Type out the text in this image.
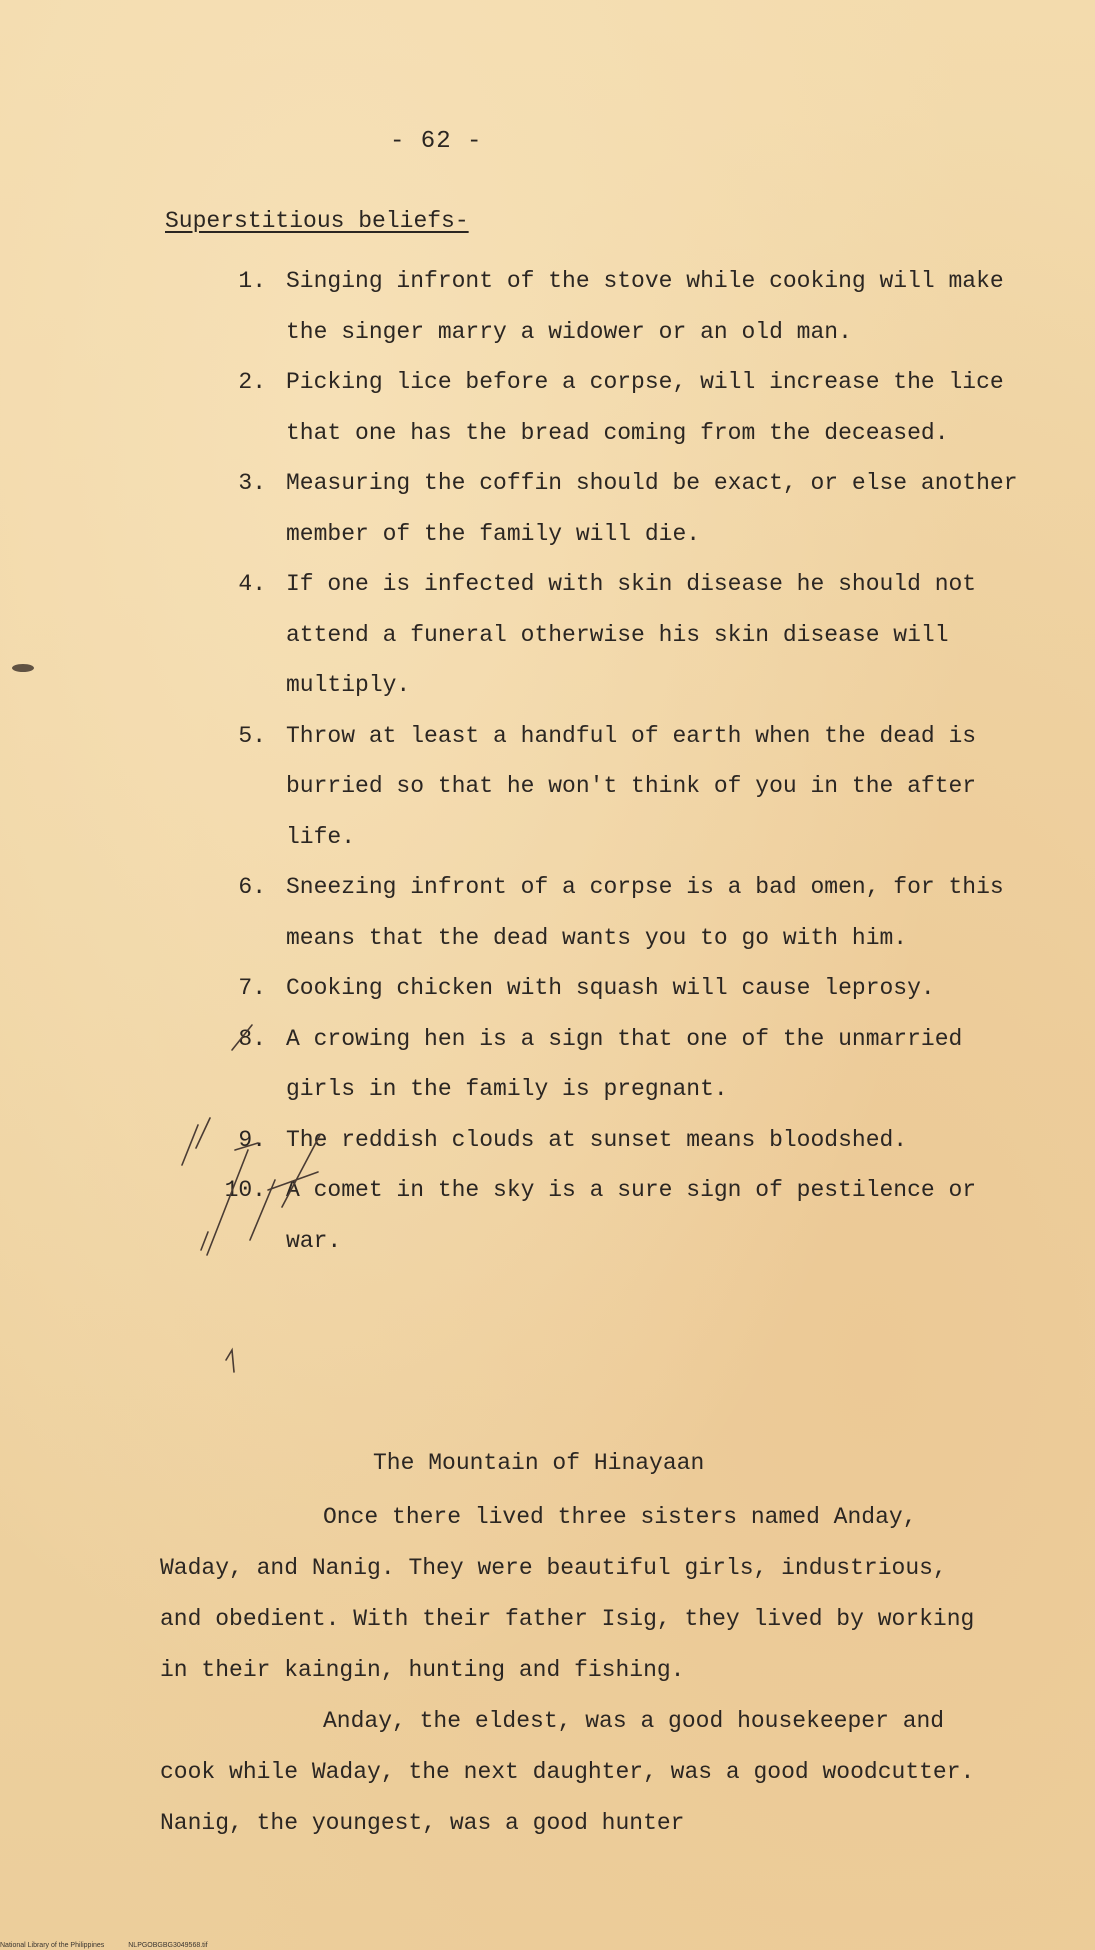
- 62 -
Superstitious beliefs-
1. Singing infront of the stove while cooking will make the singer marry a widower or an old man.
2. Picking lice before a corpse, will increase the lice that one has the bread coming from the deceased.
3. Measuring the coffin should be exact, or else another member of the family will die.
4. If one is infected with skin disease he should not attend a funeral otherwise his skin disease will multiply.
5. Throw at least a handful of earth when the dead is burried so that he won't think of you in the after life.
6. Sneezing infront of a corpse is a bad omen, for this means that the dead wants you to go with him.
7. Cooking chicken with squash will cause leprosy.
8. A crowing hen is a sign that one of the unmarried girls in the family is pregnant.
9. The reddish clouds at sunset means bloodshed.
10. A comet in the sky is a sure sign of pestilence or war.
The Mountain of Hinayaan

Once there lived three sisters named Anday, Waday, and Nanig. They were beautiful girls, industrious, and obedient. With their father Isig, they lived by working in their kaingin, hunting and fishing.

Anday, the eldest, was a good housekeeper and cook while Waday, the next daughter, was a good woodcutter. Nanig, the youngest, was a good hunter

National Library of the Philippines	NLPGOBGBG3049568.tif
